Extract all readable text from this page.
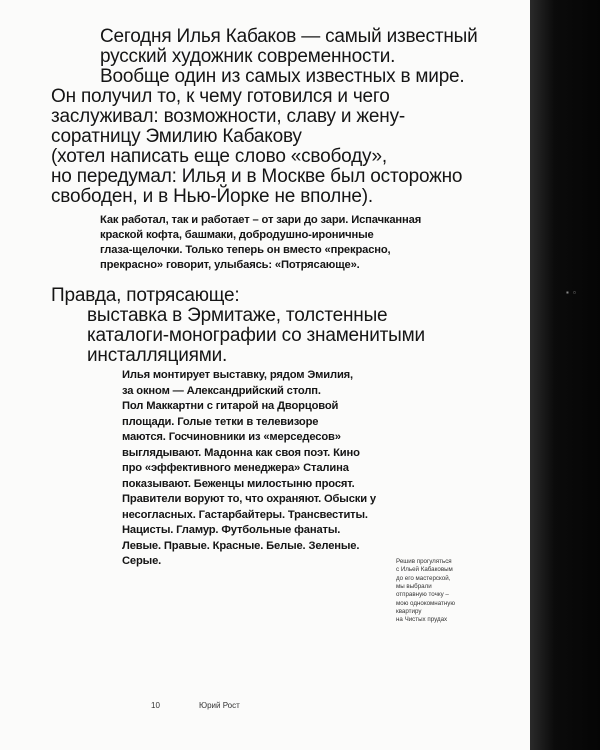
▪ ▫
Сегодня Илья Кабаков — самый известный
русский художник современности.
Вообще один из самых известных в мире.
Он получил то, к чему готовился и чего
заслуживал: возможности, славу и жену-
соратницу Эмилию Кабакову
(хотел написать еще слово «свободу»,
но передумал: Илья и в Москве был осторожно
свободен, и в Нью-Йорке не вполне).
Как работал, так и работает – от зари до зари. Испачканная
краской кофта, башмаки, добродушно-ироничные
глаза-щелочки. Только теперь он вместо «прекрасно,
прекрасно» говорит, улыбаясь: «Потрясающе».
Правда, потрясающе:
выставка в Эрмитаже, толстенные
каталоги-монографии со знаменитыми
инсталляциями.
Илья монтирует выставку, рядом Эмилия,
за окном — Александрийский столп.
Пол Маккартни с гитарой на Дворцовой
площади. Голые тетки в телевизоре
маются. Госчиновники из «мерседесов»
выглядывают. Мадонна как своя поэт. Кино
про «эффективного менеджера» Сталина
показывают. Беженцы милостыню просят.
Правители воруют то, что охраняют. Обыски у
несогласных. Гастарбайтеры. Трансвеститы.
Нацисты. Гламур. Футбольные фанаты.
Левые. Правые. Красные. Белые. Зеленые.
Серые.	Решив прогуляться
с Ильей Кабаковым
до его мастерской,
мы выбрали
отправную точку –
мою однокомнатную
квартиру
на Чистых прудах
10	Юрий Рост
